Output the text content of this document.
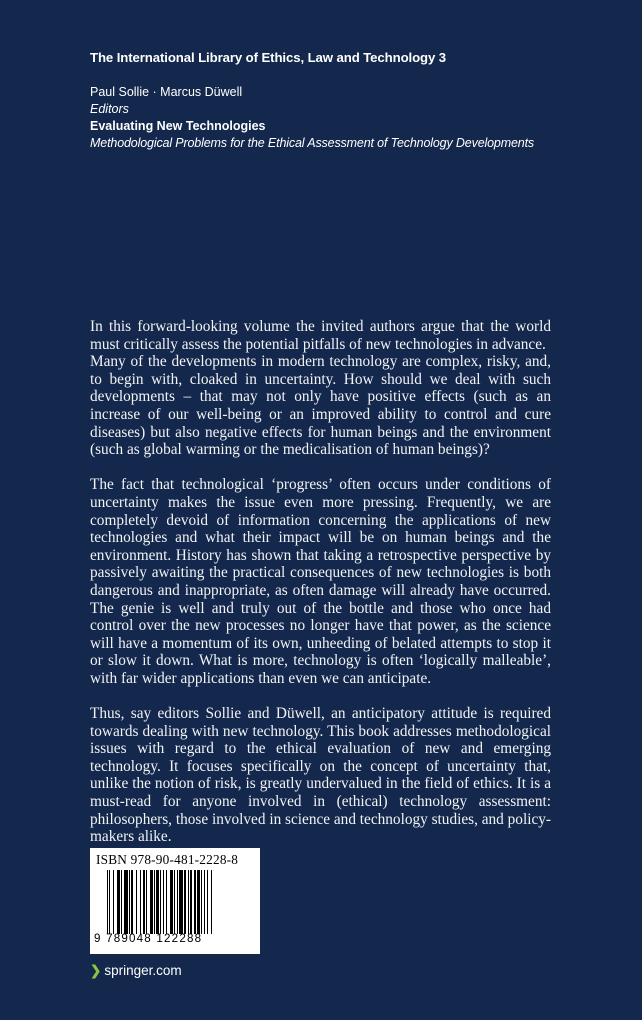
The International Library of Ethics, Law and Technology 3
Paul Sollie · Marcus Düwell
Editors
Evaluating New Technologies
Methodological Problems for the Ethical Assessment of Technology Developments

In this forward-looking volume the invited authors argue that the world must critically assess the potential pitfalls of new technologies in advance.

Many of the developments in modern technology are complex, risky, and, to begin with, cloaked in uncertainty. How should we deal with such developments – that may not only have positive effects (such as an increase of our well-being or an improved ability to control and cure diseases) but also negative effects for human beings and the environment (such as global warming or the medicalisation of human beings)?

The fact that technological ‘progress’ often occurs under conditions of uncertainty makes the issue even more pressing. Frequently, we are completely devoid of information concerning the applications of new technologies and what their impact will be on human beings and the environment. History has shown that taking a retrospective perspective by passively awaiting the practical consequences of new technologies is both dangerous and inappropriate, as often damage will already have occurred. The genie is well and truly out of the bottle and those who once had control over the new processes no longer have that power, as the science will have a momentum of its own, unheeding of belated attempts to stop it or slow it down. What is more, technology is often ‘logically malleable’, with far wider applications than even we can anticipate.

Thus, say editors Sollie and Düwell, an anticipatory attitude is required towards dealing with new technology. This book addresses methodological issues with regard to the ethical evaluation of new and emerging technology. It focuses specifically on the concept of uncertainty that, unlike the notion of risk, is greatly undervalued in the field of ethics. It is a must-read for anyone involved in (ethical) technology assessment: philosophers, those involved in science and technology studies, and policy-makers alike.

ISBN 978-90-481-2228-8
9 789048 122288
❯ springer.com
